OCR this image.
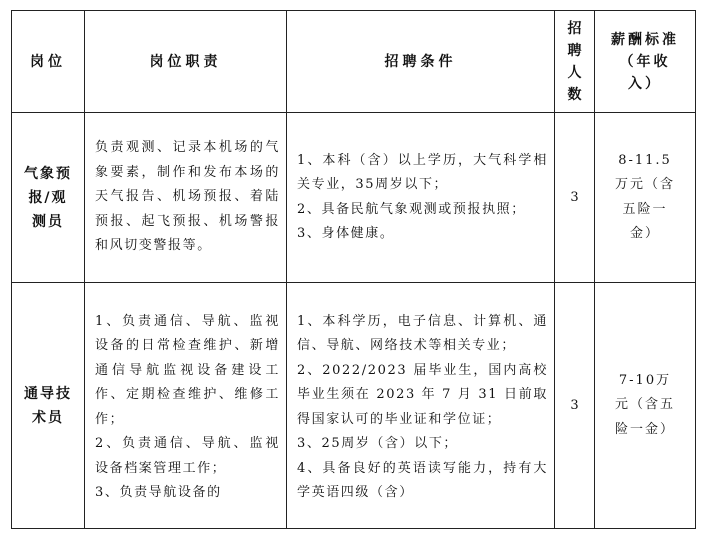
岗位	岗位职责	招聘条件	招聘人数	薪酬标准（年收入）
气象预报/观测员	负责观测、记录本机场的气象要素，制作和发布本场的天气报告、机场预报、着陆预报、起飞预报、机场警报和风切变警报等。	1、本科（含）以上学历，大气科学相关专业，35周岁以下；
2、具备民航气象观测或预报执照；
3、身体健康。	3	8-11.5万元（含五险一金）
通导技术员	1、负责通信、导航、监视设备的日常检查维护、新增通信导航监视设备建设工作、定期检查维护、维修工作；
2、负责通信、导航、监视设备档案管理工作；
3、负责导航设备的	1、本科学历，电子信息、计算机、通信、导航、网络技术等相关专业；
2、2022/2023 届毕业生，国内高校毕业生须在 2023 年 7 月 31 日前取得国家认可的毕业证和学位证；
3、25周岁（含）以下；
4、具备良好的英语读写能力，持有大学英语四级（含）	3	7-10万元（含五险一金）
